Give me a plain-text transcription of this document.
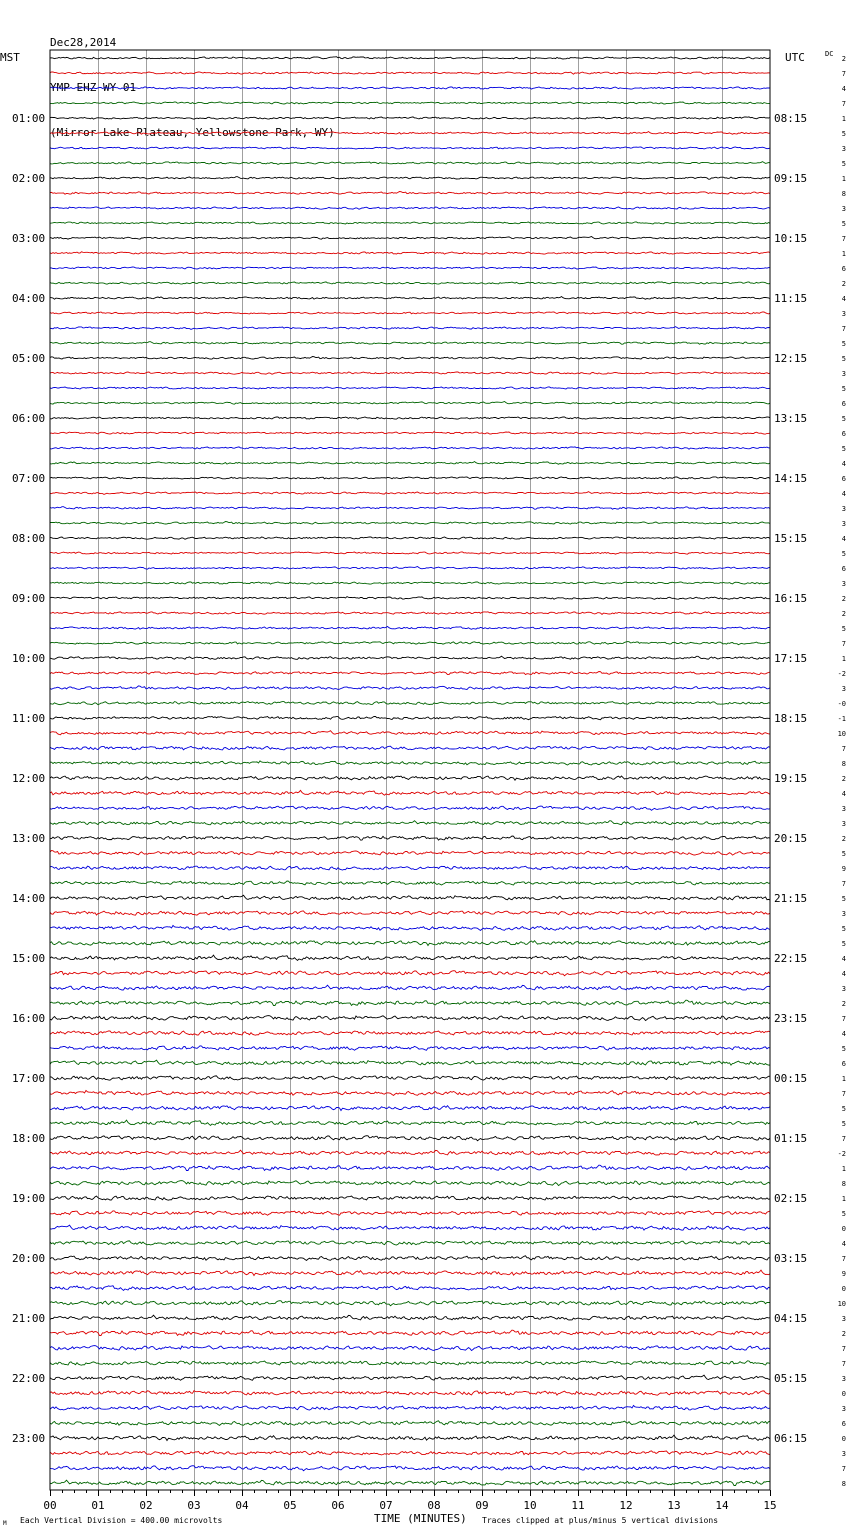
Dec28,2014

YMP EHZ WY 01

(Mirror Lake Plateau, Yellowstone Park, WY)

MST	UTC	DC
01:00
02:00
03:00
04:00
05:00
06:00
07:00
08:00
09:00
10:00
11:00
12:00
13:00
14:00
15:00
16:00
17:00
18:00
19:00
20:00
21:00
22:00
23:00
08:15
09:15
10:15
11:15
12:15
13:15
14:15
15:15
16:15
17:15
18:15
19:15
20:15
21:15
22:15
23:15
00:15
01:15
02:15
03:15
04:15
05:15
06:15
2
7
4
7
1
5
3
5
1
8
3
5
7
1
6
2
4
3
7
5
5
3
5
6
5
6
5
4
6
4
3
3
4
5
6
3
2
2
5
7
1
-2
3
-0
-1
10
7
8
2
4
3
3
2
5
9
7
5
3
5
5
4
4
3
2
7
4
5
6
1
7
5
5
7
-2
1
8
1
5
0
4
7
9
0
10
3
2
7
7
3
0
3
6
0
3
7
8
00	01	02	03	04	05	06	07	08	09	10	11	12	13	14	15
TIME (MINUTES)
M Each Vertical Division = 400.00 microvolts	Traces clipped at plus/minus 5 vertical divisions
